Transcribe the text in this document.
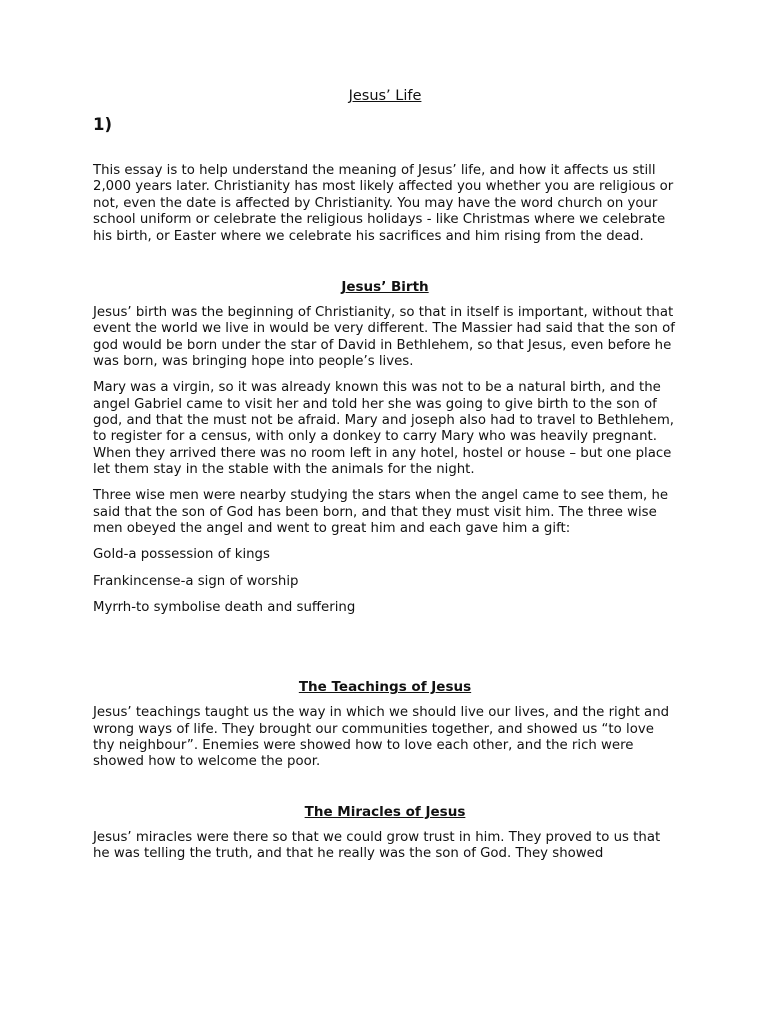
Jesus’ Life
1)

This essay is to help understand the meaning of Jesus’ life, and how it affects us still 2,000 years later. Christianity has most likely affected you whether you are religious or not, even the date is affected by Christianity. You may have the word church on your school uniform or celebrate the religious holidays - like Christmas where we celebrate his birth, or Easter where we celebrate his sacrifices and him rising from the dead.

Jesus’ Birth

Jesus’ birth was the beginning of Christianity, so that in itself is important, without that event the world we live in would be very different. The Massier had said that the son of god would be born under the star of David in Bethlehem, so that Jesus, even before he was born, was bringing hope into people’s lives.

Mary was a virgin, so it was already known this was not to be a natural birth, and the angel Gabriel came to visit her and told her she was going to give birth to the son of god, and that the must not be afraid. Mary and joseph also had to travel to Bethlehem, to register for a census, with only a donkey to carry Mary who was heavily pregnant. When they arrived there was no room left in any hotel, hostel or house – but one place let them stay in the stable with the animals for the night.

Three wise men were nearby studying the stars when the angel came to see them, he said that the son of God has been born, and that they must visit him. The three wise men obeyed the angel and went to great him and each gave him a gift:

Gold-a possession of kings

Frankincense-a sign of worship

Myrrh-to symbolise death and suffering

The Teachings of Jesus

Jesus’ teachings taught us the way in which we should live our lives, and the right and wrong ways of life. They brought our communities together, and showed us “to love thy neighbour”. Enemies were showed how to love each other, and the rich were showed how to welcome the poor.

The Miracles of Jesus

Jesus’ miracles were there so that we could grow trust in him. They proved to us that he was telling the truth, and that he really was the son of God. They showed
